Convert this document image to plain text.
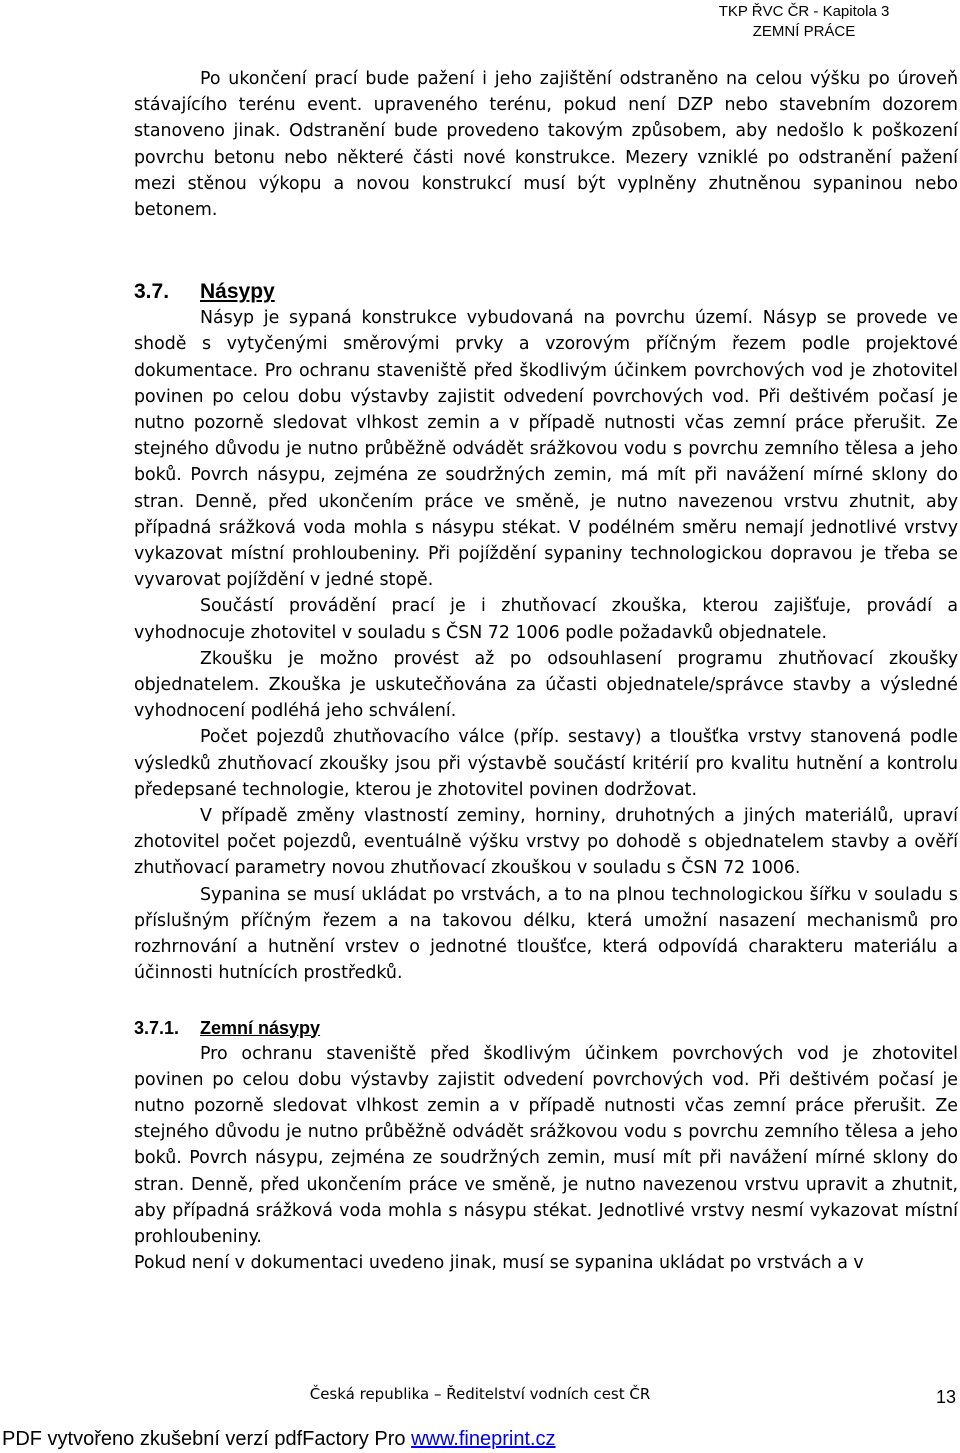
TKP ŘVC ČR - Kapitola 3
ZEMNÍ PRÁCE

Po ukončení prací bude pažení i jeho zajištění odstraněno na celou výšku po úroveň stávajícího terénu event. upraveného terénu, pokud není DZP nebo stavebním dozorem stanoveno jinak. Odstranění bude provedeno takovým způsobem, aby nedošlo k poškození povrchu betonu nebo některé části nové konstrukce. Mezery vzniklé po odstranění pažení mezi stěnou výkopu a novou konstrukcí musí být vyplněny zhutněnou sypaninou nebo betonem.

3.7. Násypy

Násyp je sypaná konstrukce vybudovaná na povrchu území. Násyp se provede ve shodě s vytyčenými směrovými prvky a vzorovým příčným řezem podle projektové dokumentace. Pro ochranu staveniště před škodlivým účinkem povrchových vod je zhotovitel povinen po celou dobu výstavby zajistit odvedení povrchových vod. Při deštivém počasí je nutno pozorně sledovat vlhkost zemin a v případě nutnosti včas zemní práce přerušit. Ze stejného důvodu je nutno průběžně odvádět srážkovou vodu s povrchu zemního tělesa a jeho boků. Povrch násypu, zejména ze soudržných zemin, má mít při navážení mírné sklony do stran. Denně, před ukončením práce ve směně, je nutno navezenou vrstvu zhutnit, aby případná srážková voda mohla s násypu stékat. V podélném směru nemají jednotlivé vrstvy vykazovat místní prohloubeniny. Při pojíždění sypaniny technologickou dopravou je třeba se vyvarovat pojíždění v jedné stopě.

Součástí provádění prací je i zhutňovací zkouška, kterou zajišťuje, provádí a vyhodnocuje zhotovitel v souladu s ČSN 72 1006 podle požadavků objednatele.

Zkoušku je možno provést až po odsouhlasení programu zhutňovací zkoušky objednatelem. Zkouška je uskutečňována za účasti objednatele/správce stavby a výsledné vyhodnocení podléhá jeho schválení.

Počet pojezdů zhutňovacího válce (příp. sestavy) a tloušťka vrstvy stanovená podle výsledků zhutňovací zkoušky jsou při výstavbě součástí kritérií pro kvalitu hutnění a kontrolu předepsané technologie, kterou je zhotovitel povinen dodržovat.

V případě změny vlastností zeminy, horniny, druhotných a jiných materiálů, upraví zhotovitel počet pojezdů, eventuálně výšku vrstvy po dohodě s objednatelem stavby a ověří zhutňovací parametry novou zhutňovací zkouškou v souladu s ČSN 72 1006.

Sypanina se musí ukládat po vrstvách, a to na plnou technologickou šířku v souladu s příslušným příčným řezem a na takovou délku, která umožní nasazení mechanismů pro rozhrnování a hutnění vrstev o jednotné tloušťce, která odpovídá charakteru materiálu a účinnosti hutnících prostředků.

3.7.1. Zemní násypy

Pro ochranu staveniště před škodlivým účinkem povrchových vod je zhotovitel povinen po celou dobu výstavby zajistit odvedení povrchových vod. Při deštivém počasí je nutno pozorně sledovat vlhkost zemin a v případě nutnosti včas zemní práce přerušit. Ze stejného důvodu je nutno průběžně odvádět srážkovou vodu s povrchu zemního tělesa a jeho boků. Povrch násypu, zejména ze soudržných zemin, musí mít při navážení mírné sklony do stran. Denně, před ukončením práce ve směně, je nutno navezenou vrstvu upravit a zhutnit, aby případná srážková voda mohla s násypu stékat. Jednotlivé vrstvy nesmí vykazovat místní prohloubeniny.

Pokud není v dokumentaci uvedeno jinak, musí se sypanina ukládat po vrstvách a v

Česká republika – Ředitelství vodních cest ČR	13
PDF vytvořeno zkušební verzí pdfFactory Pro www.fineprint.cz
